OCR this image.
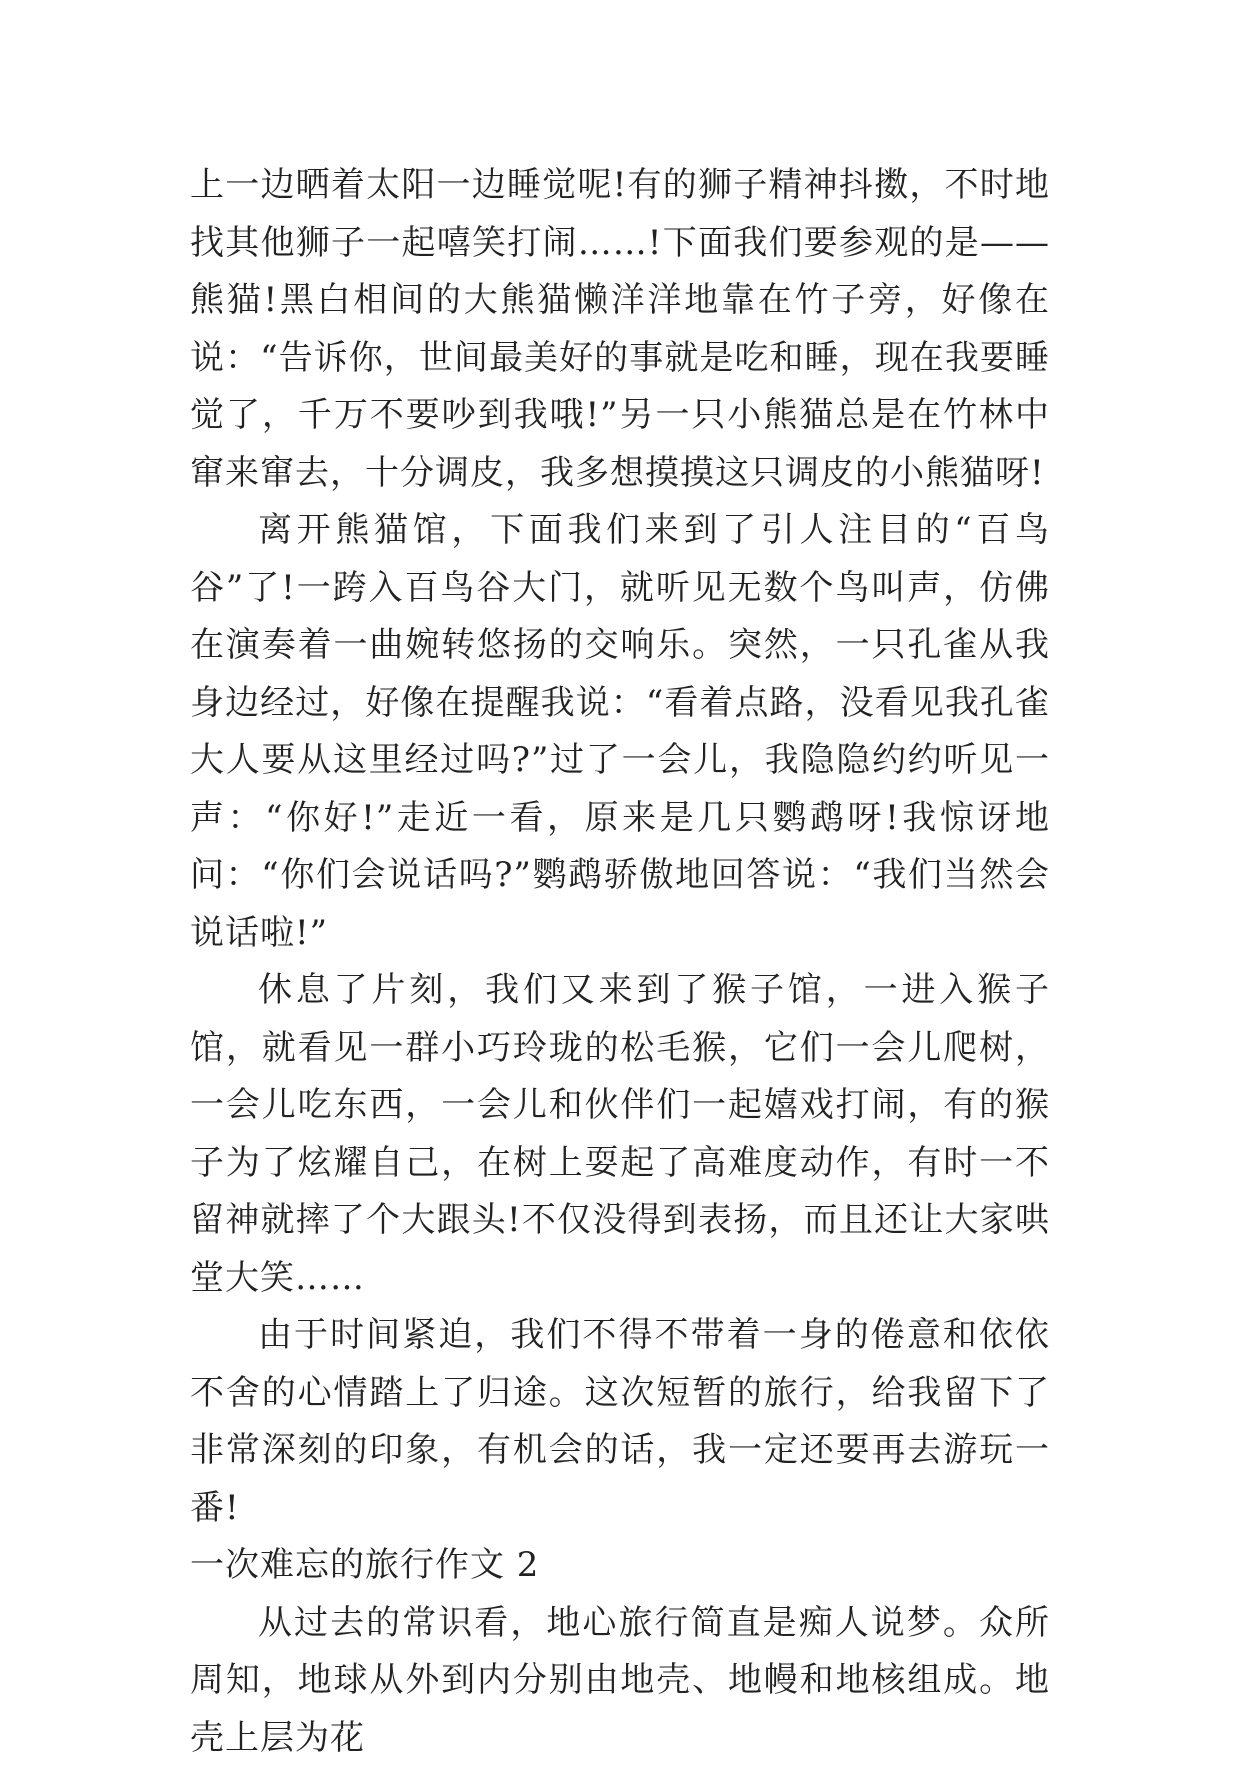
上一边晒着太阳一边睡觉呢!有的狮子精神抖擞，不时地找其他狮子一起嘻笑打闹……!下面我们要参观的是——熊猫!黑白相间的大熊猫懒洋洋地靠在竹子旁，好像在说：“告诉你，世间最美好的事就是吃和睡，现在我要睡觉了，千万不要吵到我哦!”另一只小熊猫总是在竹林中窜来窜去，十分调皮，我多想摸摸这只调皮的小熊猫呀!

离开熊猫馆，下面我们来到了引人注目的“百鸟谷”了!一跨入百鸟谷大门，就听见无数个鸟叫声，仿佛在演奏着一曲婉转悠扬的交响乐。突然，一只孔雀从我身边经过，好像在提醒我说：“看着点路，没看见我孔雀大人要从这里经过吗?”过了一会儿，我隐隐约约听见一声：“你好!”走近一看，原来是几只鹦鹉呀!我惊讶地问：“你们会说话吗?”鹦鹉骄傲地回答说：“我们当然会说话啦!”

休息了片刻，我们又来到了猴子馆，一进入猴子馆，就看见一群小巧玲珑的松毛猴，它们一会儿爬树，一会儿吃东西，一会儿和伙伴们一起嬉戏打闹，有的猴子为了炫耀自己，在树上耍起了高难度动作，有时一不留神就摔了个大跟头!不仅没得到表扬，而且还让大家哄堂大笑……

由于时间紧迫，我们不得不带着一身的倦意和依依不舍的心情踏上了归途。这次短暂的旅行，给我留下了非常深刻的印象，有机会的话，我一定还要再去游玩一番!

一次难忘的旅行作文 2

从过去的常识看，地心旅行简直是痴人说梦。众所周知，地球从外到内分别由地壳、地幔和地核组成。地壳上层为花
